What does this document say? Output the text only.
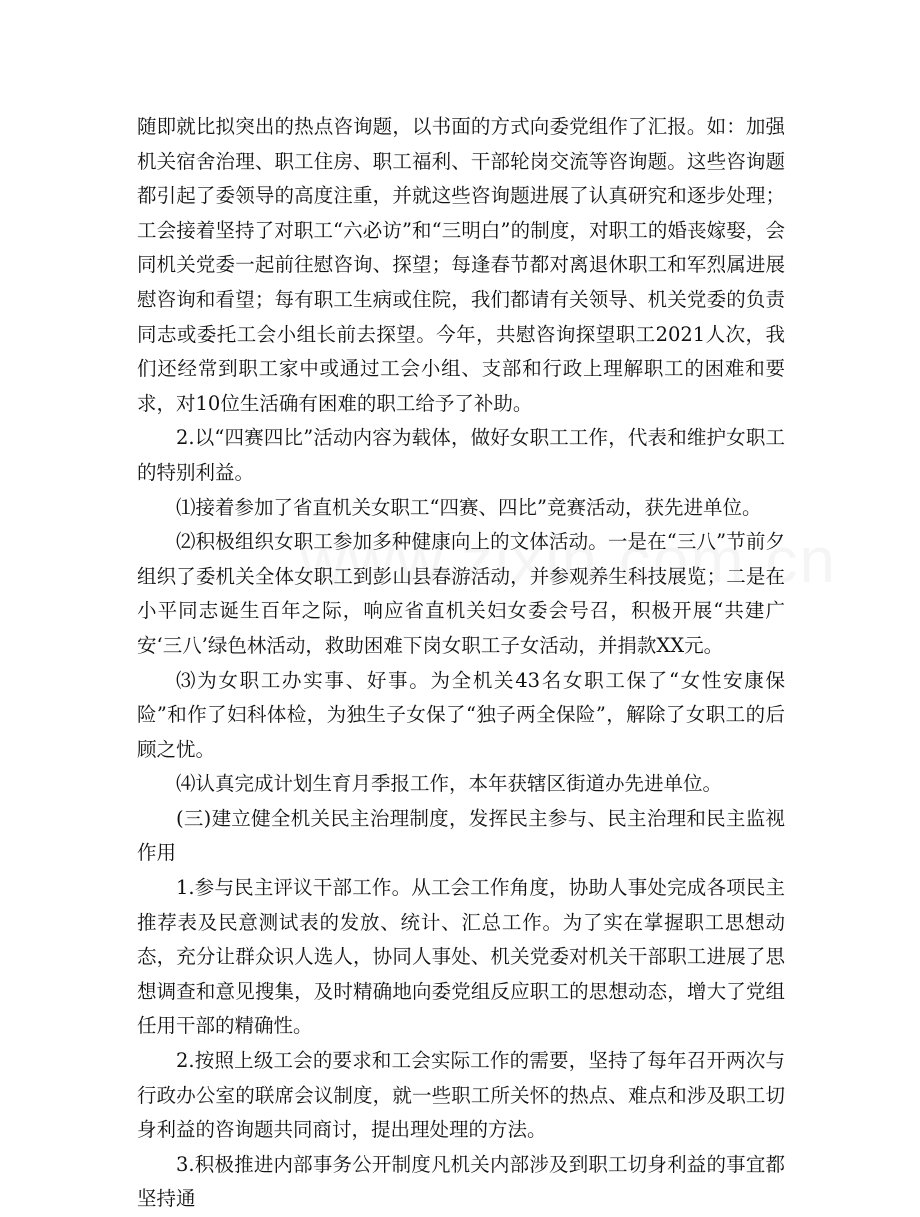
随即就比拟突出的热点咨询题，以书面的方式向委党组作了汇报。如：加强机关宿舍治理、职工住房、职工福利、干部轮岗交流等咨询题。这些咨询题都引起了委领导的高度注重，并就这些咨询题进展了认真研究和逐步处理；工会接着坚持了对职工“六必访”和“三明白”的制度，对职工的婚丧嫁娶，会同机关党委一起前往慰咨询、探望；每逢春节都对离退休职工和军烈属进展慰咨询和看望；每有职工生病或住院，我们都请有关领导、机关党委的负责同志或委托工会小组长前去探望。今年，共慰咨询探望职工2021人次，我们还经常到职工家中或通过工会小组、支部和行政上理解职工的困难和要求，对10位生活确有困难的职工给予了补助。

2.以“四赛四比”活动内容为载体，做好女职工工作，代表和维护女职工的特别利益。

⑴接着参加了省直机关女职工“四赛、四比”竞赛活动，获先进单位。

⑵积极组织女职工参加多种健康向上的文体活动。一是在“三八”节前夕组织了委机关全体女职工到彭山县春游活动，并参观养生科技展览；二是在小平同志诞生百年之际，响应省直机关妇女委会号召，积极开展“共建广安‘三八’绿色林活动，救助困难下岗女职工子女活动，并捐款XX元。

⑶为女职工办实事、好事。为全机关43名女职工保了“女性安康保险”和作了妇科体检，为独生子女保了“独子两全保险”，解除了女职工的后顾之忧。

⑷认真完成计划生育月季报工作，本年获辖区街道办先进单位。

(三)建立健全机关民主治理制度，发挥民主参与、民主治理和民主监视作用

1.参与民主评议干部工作。从工会工作角度，协助人事处完成各项民主推荐表及民意测试表的发放、统计、汇总工作。为了实在掌握职工思想动态，充分让群众识人选人，协同人事处、机关党委对机关干部职工进展了思想调查和意见搜集，及时精确地向委党组反应职工的思想动态，增大了党组任用干部的精确性。

2.按照上级工会的要求和工会实际工作的需要，坚持了每年召开两次与行政办公室的联席会议制度，就一些职工所关怀的热点、难点和涉及职工切身利益的咨询题共同商讨，提出理处理的方法。

3.积极推进内部事务公开制度凡机关内部涉及到职工切身利益的事宜都坚持通
